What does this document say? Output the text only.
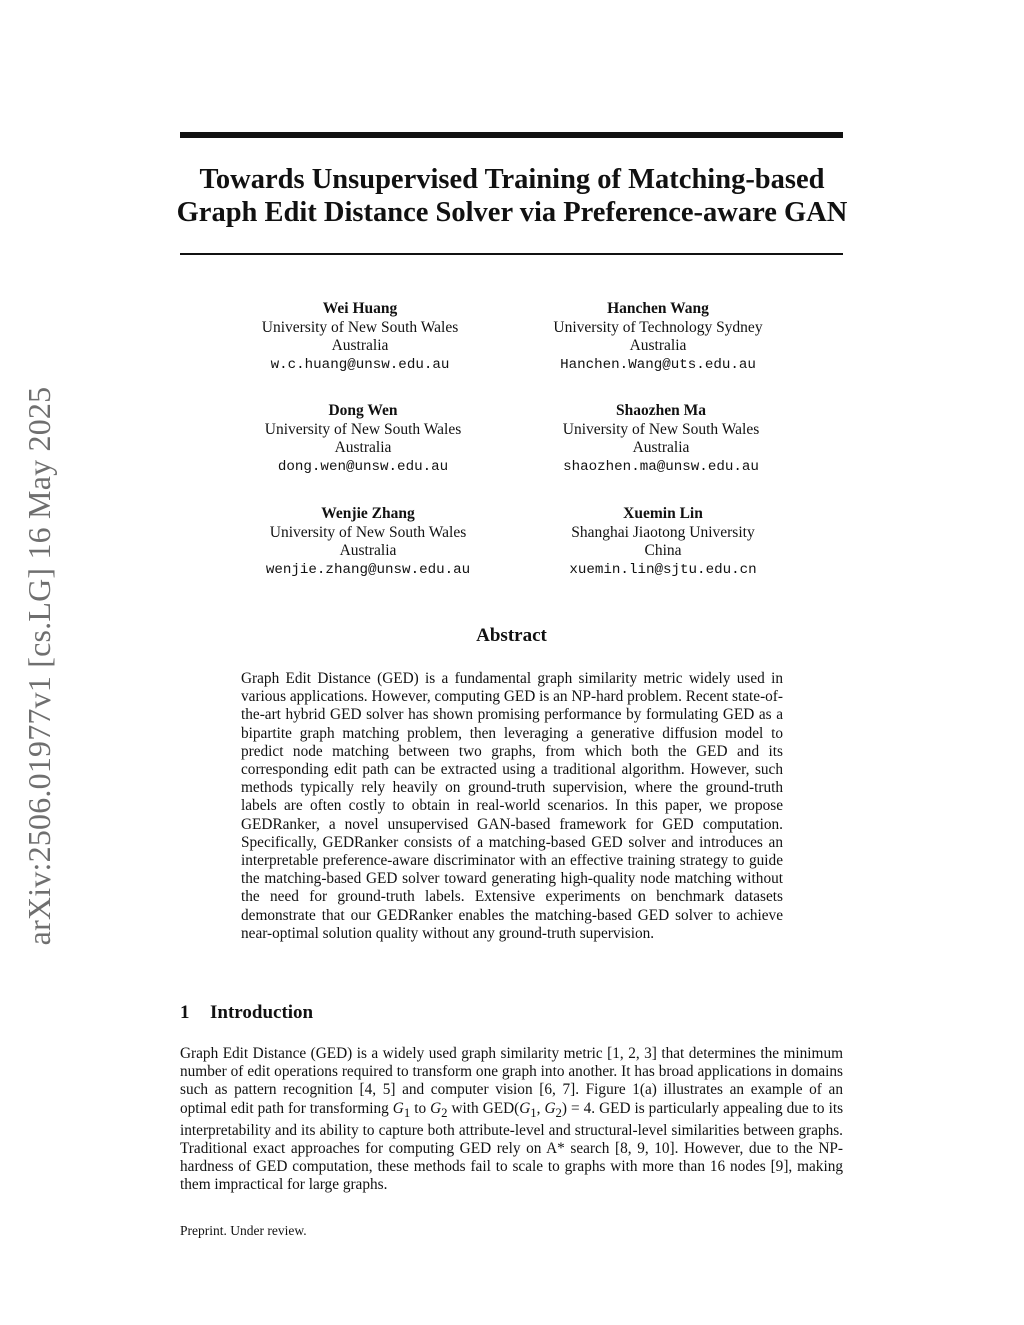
arXiv:2506.01977v1 [cs.LG] 16 May 2025
Towards Unsupervised Training of Matching-based
Graph Edit Distance Solver via Preference-aware GAN
Wei Huang
University of New South Wales
Australia
w.c.huang@unsw.edu.au
Hanchen Wang
University of Technology Sydney
Australia
Hanchen.Wang@uts.edu.au
Dong Wen
University of New South Wales
Australia
dong.wen@unsw.edu.au
Shaozhen Ma
University of New South Wales
Australia
shaozhen.ma@unsw.edu.au
Wenjie Zhang
University of New South Wales
Australia
wenjie.zhang@unsw.edu.au
Xuemin Lin
Shanghai Jiaotong University
China
xuemin.lin@sjtu.edu.cn
Abstract
Graph Edit Distance (GED) is a fundamental graph similarity metric widely used in various applications. However, computing GED is an NP-hard problem. Recent state-of-the-art hybrid GED solver has shown promising performance by formulating GED as a bipartite graph matching problem, then leveraging a generative diffusion model to predict node matching between two graphs, from which both the GED and its corresponding edit path can be extracted using a traditional algorithm. However, such methods typically rely heavily on ground-truth supervision, where the ground-truth labels are often costly to obtain in real-world scenarios. In this paper, we propose GEDRanker, a novel unsupervised GAN-based framework for GED computation. Specifically, GEDRanker consists of a matching-based GED solver and introduces an interpretable preference-aware discriminator with an effective training strategy to guide the matching-based GED solver toward generating high-quality node matching without the need for ground-truth labels. Extensive experiments on benchmark datasets demonstrate that our GEDRanker enables the matching-based GED solver to achieve near-optimal solution quality without any ground-truth supervision.
1 Introduction
Graph Edit Distance (GED) is a widely used graph similarity metric [1, 2, 3] that determines the minimum number of edit operations required to transform one graph into another. It has broad applications in domains such as pattern recognition [4, 5] and computer vision [6, 7]. Figure 1(a) illustrates an example of an optimal edit path for transforming $G_1$ to $G_2$ with $GED(G_1$, $G_2) = 4$. GED is particularly appealing due to its interpretability and its ability to capture both attribute-level and structural-level similarities between graphs. Traditional exact approaches for computing GED rely on A* search [8, 9, 10]. However, due to the NP-hardness of GED computation, these methods fail to scale to graphs with more than 16 nodes [9], making them impractical for large graphs.
Preprint. Under review.
